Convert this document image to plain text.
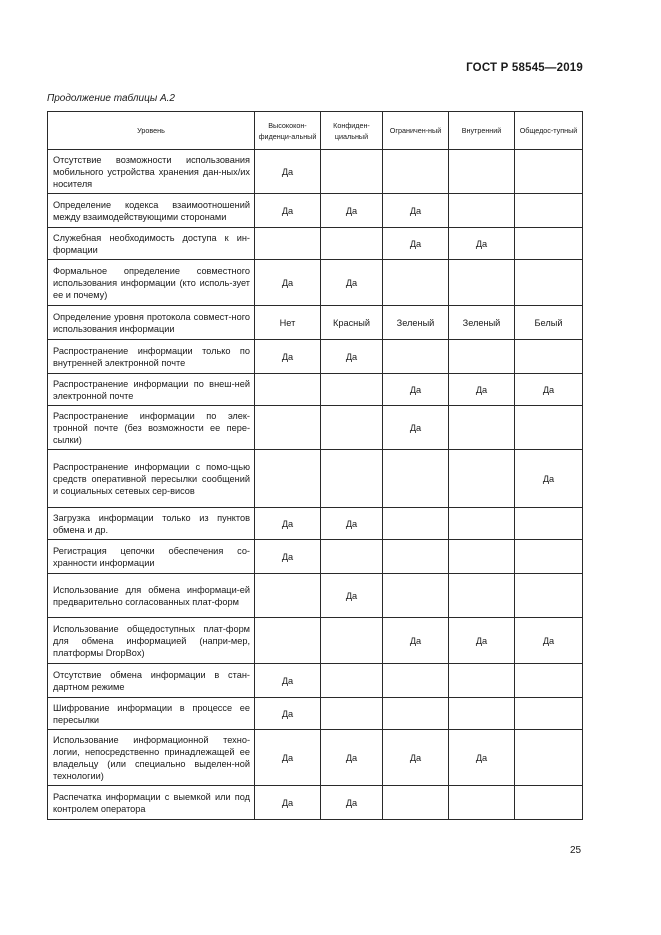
ГОСТ Р 58545—2019
Продолжение таблицы А.2
Уровень	Высококон-фиденци-альный	Конфиден-циальный	Ограничен-ный	Внутренний	Общедос-тупный
Отсутствие возможности использования мобильного устройства хранения дан-ных/их носителя	Да				
Определение кодекса взаимоотношений между взаимодействующими сторонами	Да	Да	Да		
Служебная необходимость доступа к ин-формации			Да	Да	
Формальное определение совместного использования информации (кто исполь-зует ее и почему)	Да	Да			
Определение уровня протокола совмест-ного использования информации	Нет	Красный	Зеленый	Зеленый	Белый
Распространение информации только по внутренней электронной почте	Да	Да			
Распространение информации по внеш-ней электронной почте			Да	Да	Да
Распространение информации по элек-тронной почте (без возможности ее пере-сылки)			Да		
Распространение информации с помо-щью средств оперативной пересылки сообщений и социальных сетевых сер-висов					Да
Загрузка информации только из пунктов обмена и др.	Да	Да			
Регистрация цепочки обеспечения со-хранности информации	Да				
Использование для обмена информаци-ей предварительно согласованных плат-форм		Да			
Использование общедоступных плат-форм для обмена информацией (напри-мер, платформы DropBox)			Да	Да	Да
Отсутствие обмена информации в стан-дартном режиме	Да				
Шифрование информации в процессе ее пересылки	Да				
Использование информационной техно-логии, непосредственно принадлежащей ее владельцу (или специально выделен-ной технологии)	Да	Да	Да	Да	
Распечатка информации с выемкой или под контролем оператора	Да	Да			
25
